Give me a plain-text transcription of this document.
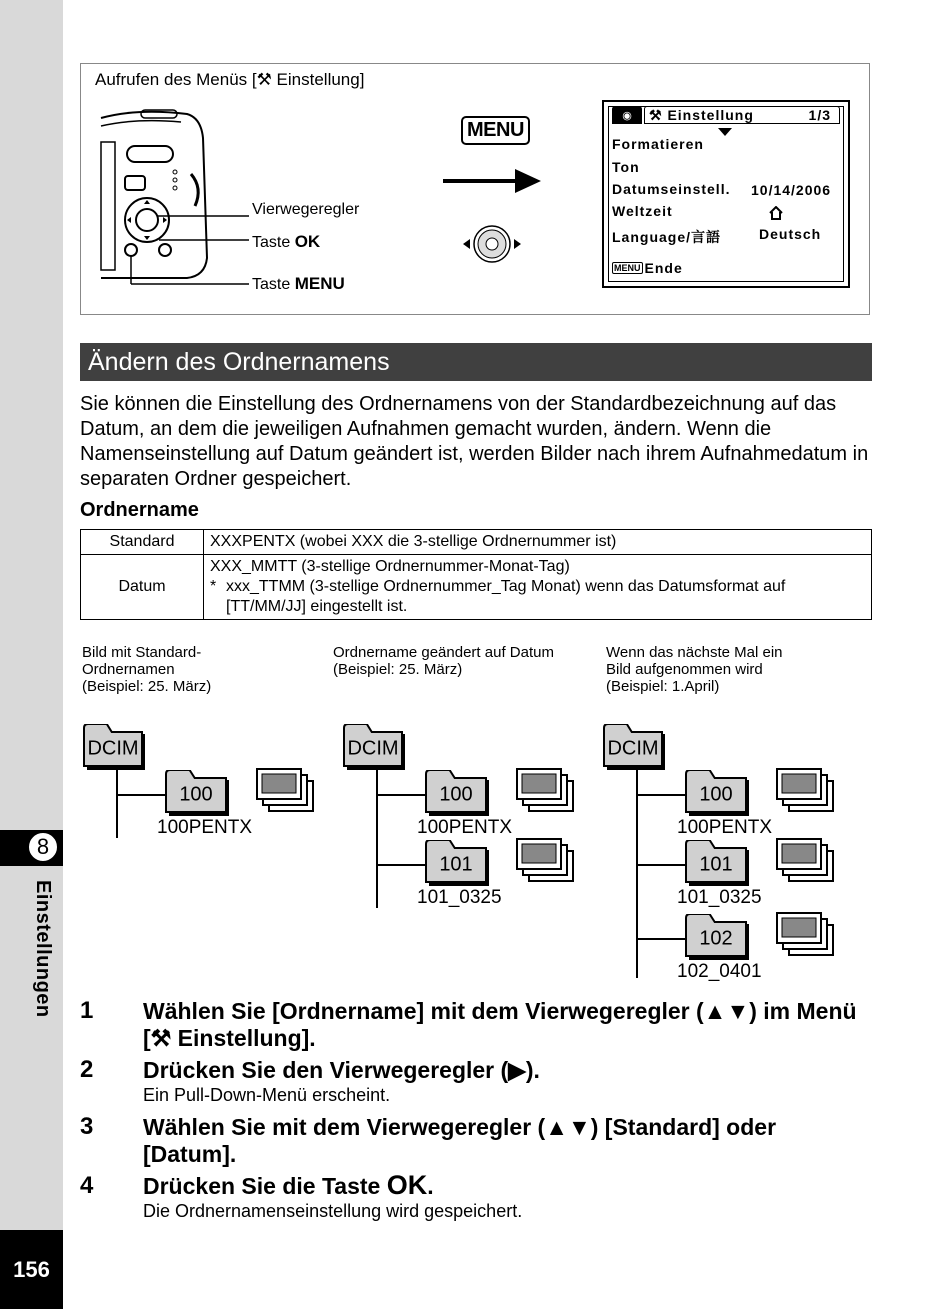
8
Einstellungen
156
Aufrufen des Menüs [⚒ Einstellung]
Vierwegeregler
Taste OK
Taste MENU
MENU
◉	⚒ Einstellung	1/3
Formatieren
Ton
Datumseinstell.
Weltzeit
Language/言語
10/14/2006
Deutsch
MENU Ende
Ändern des Ordnernamens

Sie können die Einstellung des Ordnernamens von der Standardbezeichnung auf das Datum, an dem die jeweiligen Aufnahmen gemacht wurden, ändern. Wenn die Namenseinstellung auf Datum geändert ist, werden Bilder nach ihrem Aufnahmedatum in separaten Ordner gespeichert.

Ordnername
Standard	XXXPENTX (wobei XXX die 3-stellige Ordnernummer ist)
Datum	XXX_MMTT (3-stellige Ordnernummer-Monat-Tag)
* xxx_TTMM (3-stellige Ordnernummer_Tag Monat) wenn das Datumsformat auf
[TT/MM/JJ] eingestellt ist.
Bild mit Standard-
Ordnernamen
(Beispiel: 25. März)
Ordnername geändert auf Datum
(Beispiel: 25. März)
Wenn das nächste Mal ein
Bild aufgenommen wird
(Beispiel: 1.April)
DCIM
100
100PENTX
DCIM
100
100PENTX
101
101_0325
DCIM
100
100PENTX
101
101_0325
102
102_0401
1 Wählen Sie [Ordnername] mit dem Vierwegeregler (▲▼) im Menü [⚒ Einstellung].
2 Drücken Sie den Vierwegeregler (▶).
Ein Pull-Down-Menü erscheint.
3 Wählen Sie mit dem Vierwegeregler (▲▼) [Standard] oder [Datum].
4 Drücken Sie die Taste OK.
Die Ordnernamenseinstellung wird gespeichert.
